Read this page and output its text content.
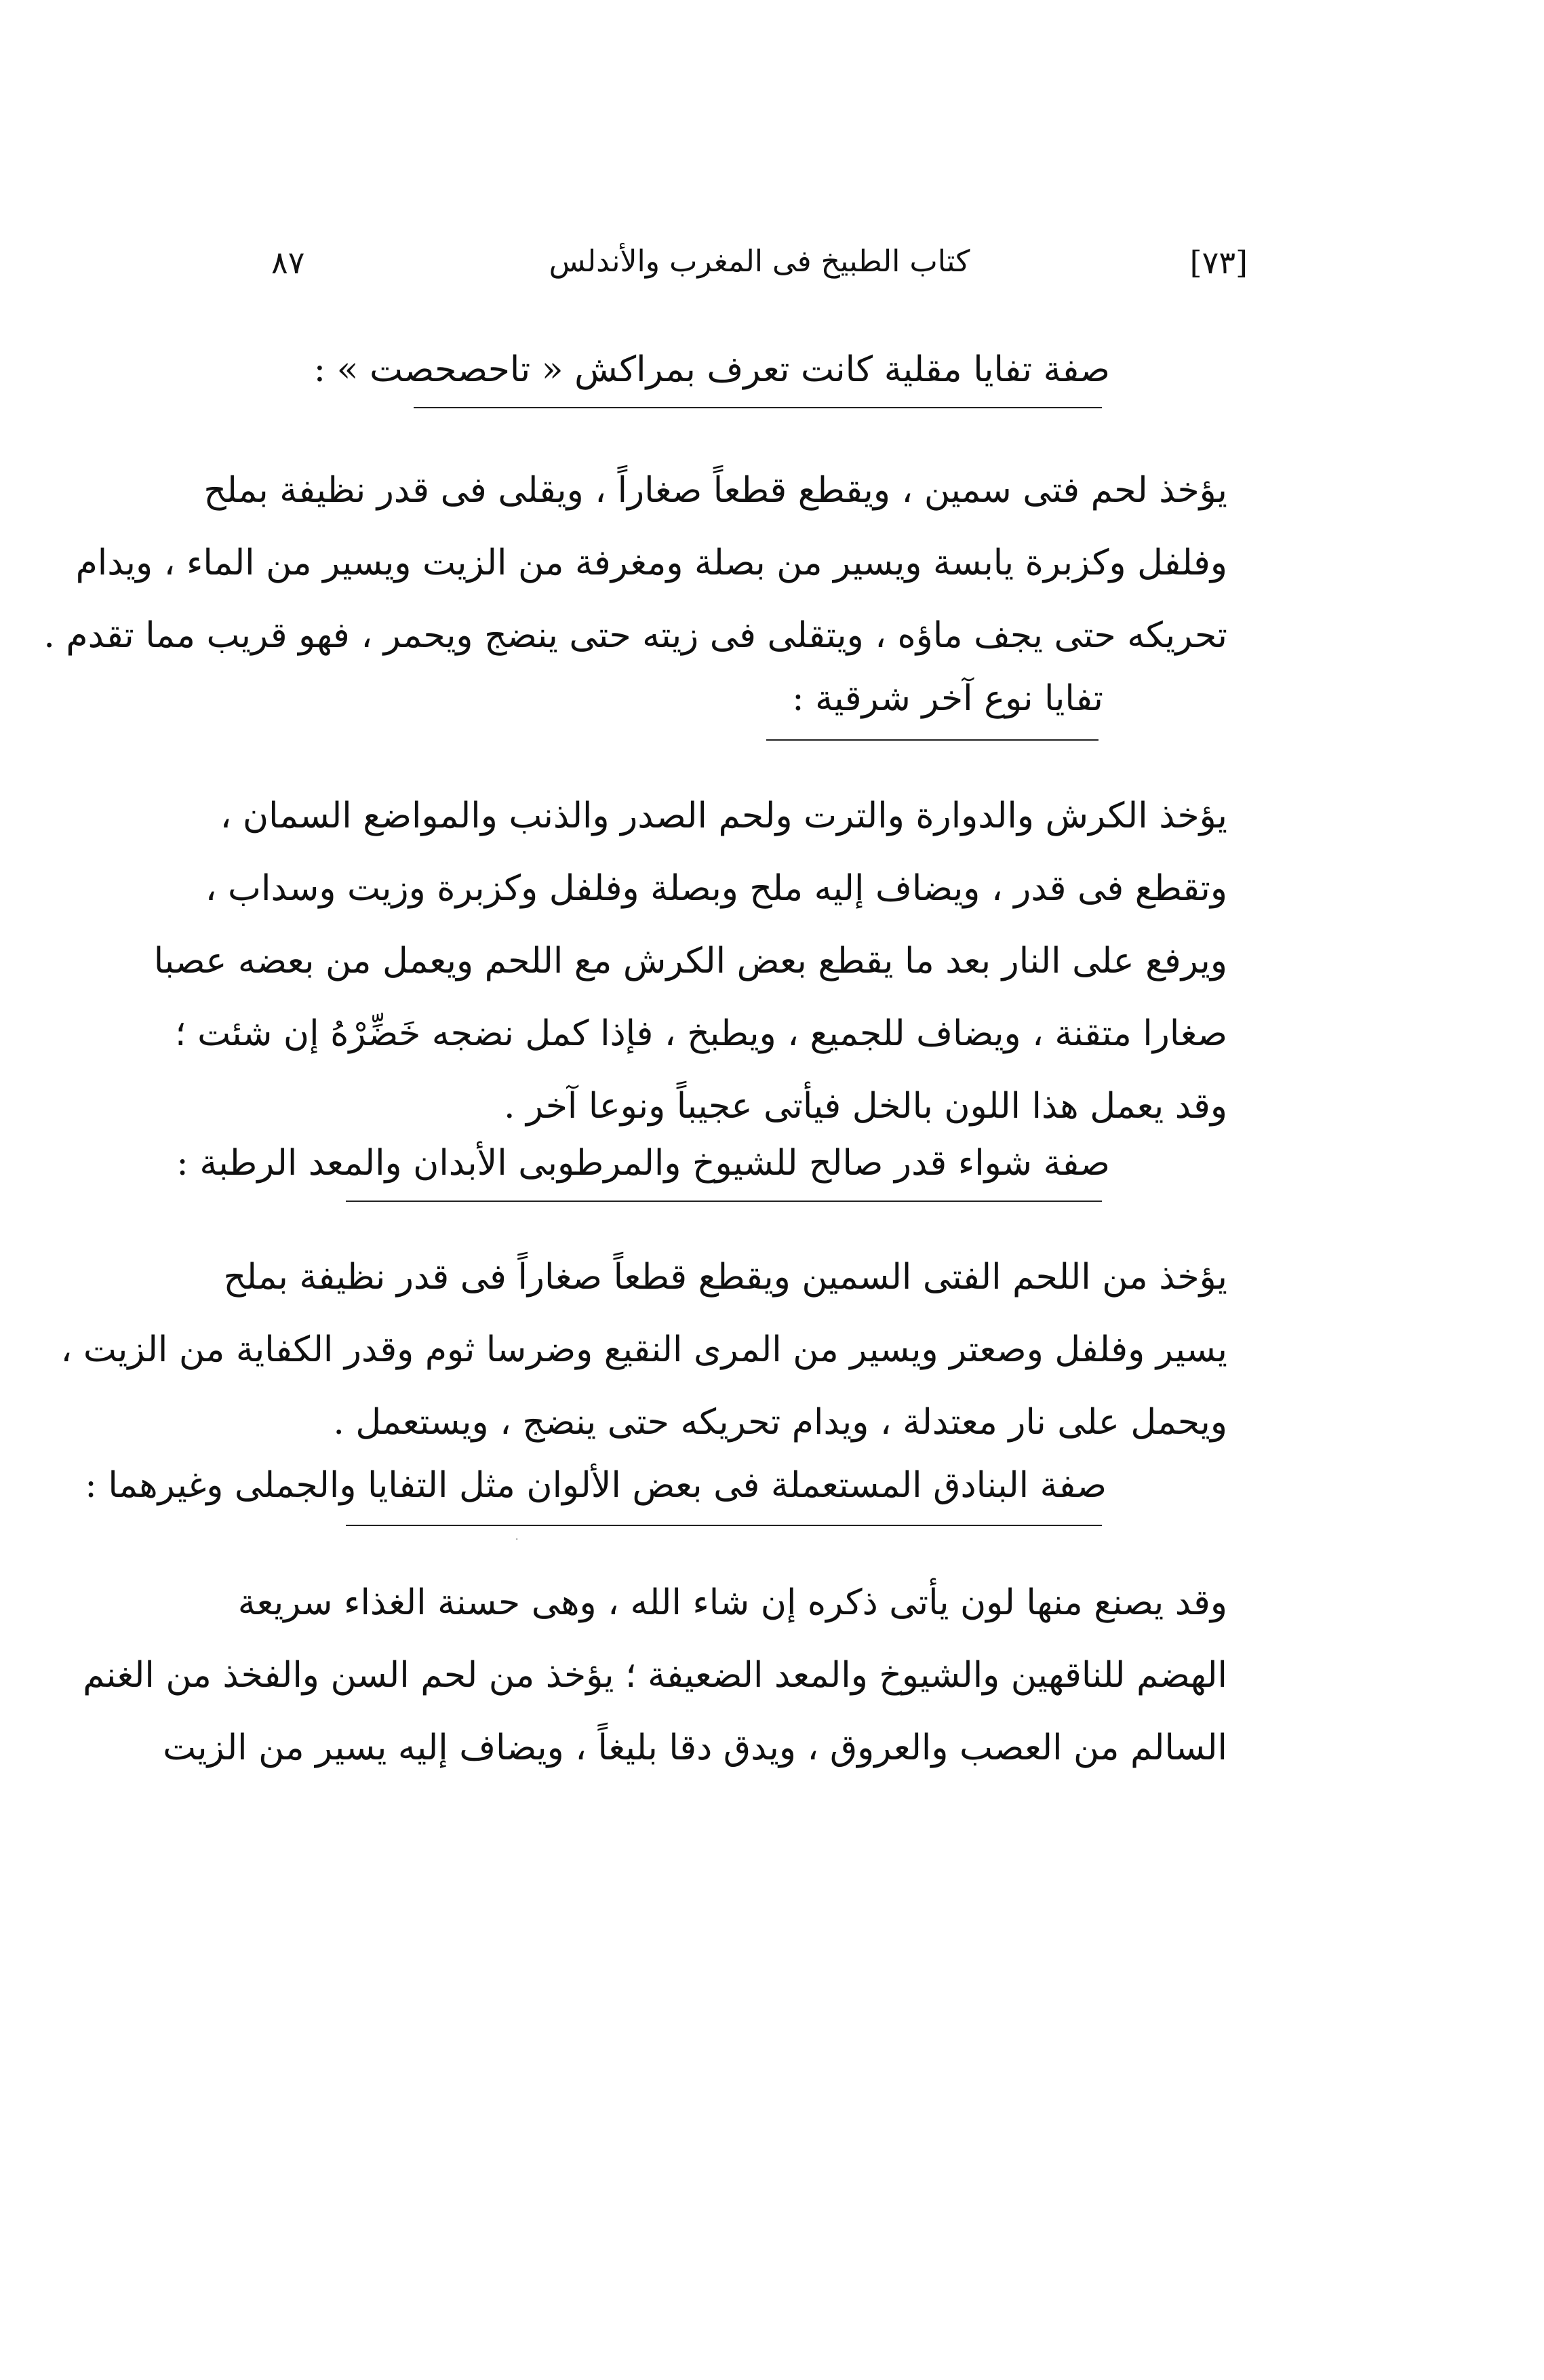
[٧٣]
كتاب الطبيخ فى المغرب والأندلس
٨٧
صفة تفايا مقلية كانت تعرف بمراكش « تاحصحصت » :
يؤخذ لحم فتى سمين ، ويقطع قطعاً صغاراً ، ويقلى فى قدر نظيفة بملح
وفلفل وكزبرة يابسة ويسير من بصلة ومغرفة من الزيت ويسير من الماء ، ويدام
تحريكه حتى يجف ماؤه ، ويتقلى فى زيته حتى ينضج ويحمر ، فهو قريب مما تقدم .
تفايا نوع آخر شرقية :
يؤخذ الكرش والدوارة والترت ولحم الصدر والذنب والمواضع السمان ،
وتقطع فى قدر ، ويضاف إليه ملح وبصلة وفلفل وكزبرة وزيت وسداب ،
ويرفع على النار بعد ما يقطع بعض الكرش مع اللحم ويعمل من بعضه عصبا
صغارا متقنة ، ويضاف للجميع ، ويطبخ ، فإذا كمل نضجه خَضِّرْهُ إن شئت ؛
وقد يعمل هذا اللون بالخل فيأتى عجيباً ونوعا آخر .
صفة شواء قدر صالح للشيوخ والمرطوبى الأبدان والمعد الرطبة :
يؤخذ من اللحم الفتى السمين ويقطع قطعاً صغاراً فى قدر نظيفة بملح
يسير وفلفل وصعتر ويسير من المرى النقيع وضرسا ثوم وقدر الكفاية من الزيت ،
ويحمل على نار معتدلة ، ويدام تحريكه حتى ينضج ، ويستعمل .
صفة البنادق المستعملة فى بعض الألوان مثل التفايا والجملى وغيرهما :
·
وقد يصنع منها لون يأتى ذكره إن شاء الله ، وهى حسنة الغذاء سريعة
الهضم للناقهين والشيوخ والمعد الضعيفة ؛ يؤخذ من لحم السن والفخذ من الغنم
السالم من العصب والعروق ، ويدق دقا بليغاً ، ويضاف إليه يسير من الزيت
